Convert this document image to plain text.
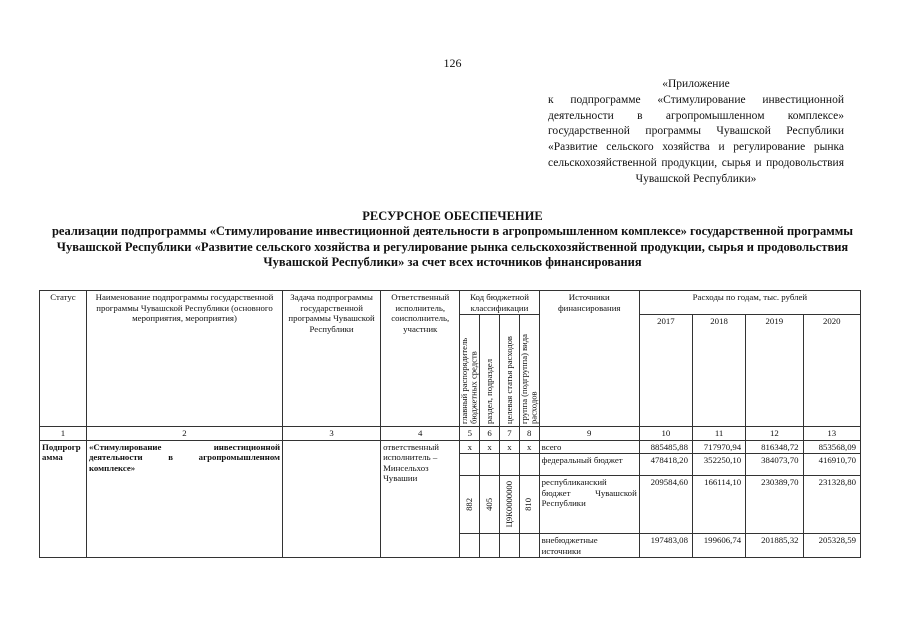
126
«Приложение
к подпрограмме «Стимулирование инвестиционной деятельности в агропромышленном комплексе» государственной программы Чувашской Республики «Развитие сельского хозяйства и регулирование рынка сельскохозяйственной продукции, сырья и продовольствия Чувашской Республики»
РЕСУРСНОЕ ОБЕСПЕЧЕНИЕ
реализации подпрограммы «Стимулирование инвестиционной деятельности в агропромышленном комплексе» государственной программы Чувашской Республики «Развитие сельского хозяйства и регулирование рынка сельскохозяйственной продукции, сырья и продовольствия Чувашской Республики» за счет всех источников финансирования
Статус	Наименование подпрограммы государственной программы Чувашской Республики (основного мероприятия, мероприятия)	Задача подпрограммы государственной программы Чувашской Республики	Ответственный исполнитель, соисполнитель, участник	Код бюджетной классификации				Источники финансирования	Расходы по годам, тыс. рублей			

				главный распорядитель бюджетных средств	раздел, подраздел	целевая статья расходов	группа (подгруппа) вида расходов		2017	2018	2019	2020
1	2	3	4	5	6	7	8	9	10	11	12	13
Подпрограмма	«Стимулирование инвестиционной деятельности в агропромышленном комплексе»		ответственный исполнитель – Минсельхоз Чувашии	x	x	x	x	всего	885485,88	717970,94	816348,72	853568,09
								федеральный бюджет	478418,20	352250,10	384073,70	416910,70

				882	405	Ц9К0000000	810	республиканский бюджет Чувашской Республики	209584,60	166114,10	230389,70	231328,80
								внебюджетные источники	197483,08	199606,74	201885,32	205328,59
